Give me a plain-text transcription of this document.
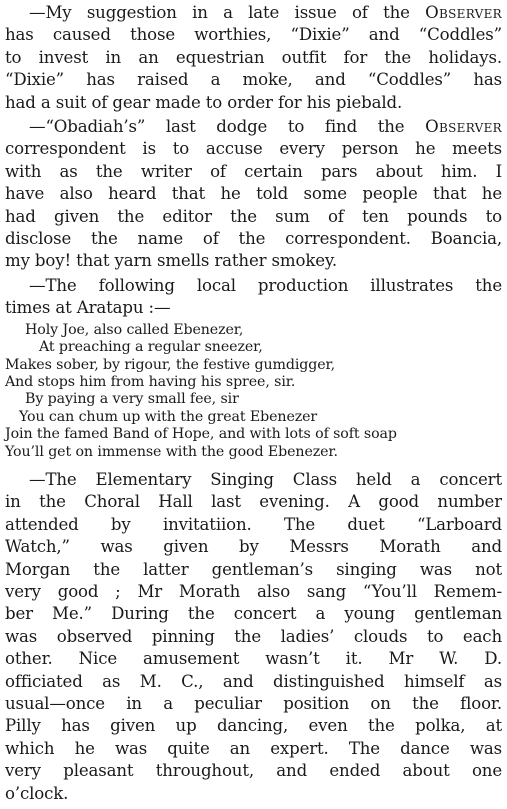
—My suggestion in a late issue of the Observer
has caused those worthies, “Dixie” and “Coddles”
to invest in an equestrian outfit for the holidays.
“Dixie” has raised a moke, and “Coddles” has
had a suit of gear made to order for his piebald.
—“Obadiah’s” last dodge to find the Observer
correspondent is to accuse every person he meets
with as the writer of certain pars about him. I
have also heard that he told some people that he
had given the editor the sum of ten pounds to
disclose the name of the correspondent. Boancia,
my boy! that yarn smells rather smokey.
—The following local production illustrates the
times at Aratapu :—
Holy Joe, also called Ebenezer,
At preaching a regular sneezer,
Makes sober, by rigour, the festive gumdigger,
And stops him from having his spree, sir.
By paying a very small fee, sir
You can chum up with the great Ebenezer
Join the famed Band of Hope, and with lots of soft soap
You’ll get on immense with the good Ebenezer.
—The Elementary Singing Class held a concert
in the Choral Hall last evening. A good number
attended by invitatiion. The duet “Larboard
Watch,” was given by Messrs Morath and
Morgan the latter gentleman’s singing was not
very good ; Mr Morath also sang “You’ll Remem-
ber Me.” During the concert a young gentleman
was observed pinning the ladies’ clouds to each
other. Nice amusement wasn’t it. Mr W. D.
officiated as M. C., and distinguished himself as
usual—once in a peculiar position on the floor.
Pilly has given up dancing, even the polka, at
which he was quite an expert. The dance was
very pleasant throughout, and ended about one
o’clock.
